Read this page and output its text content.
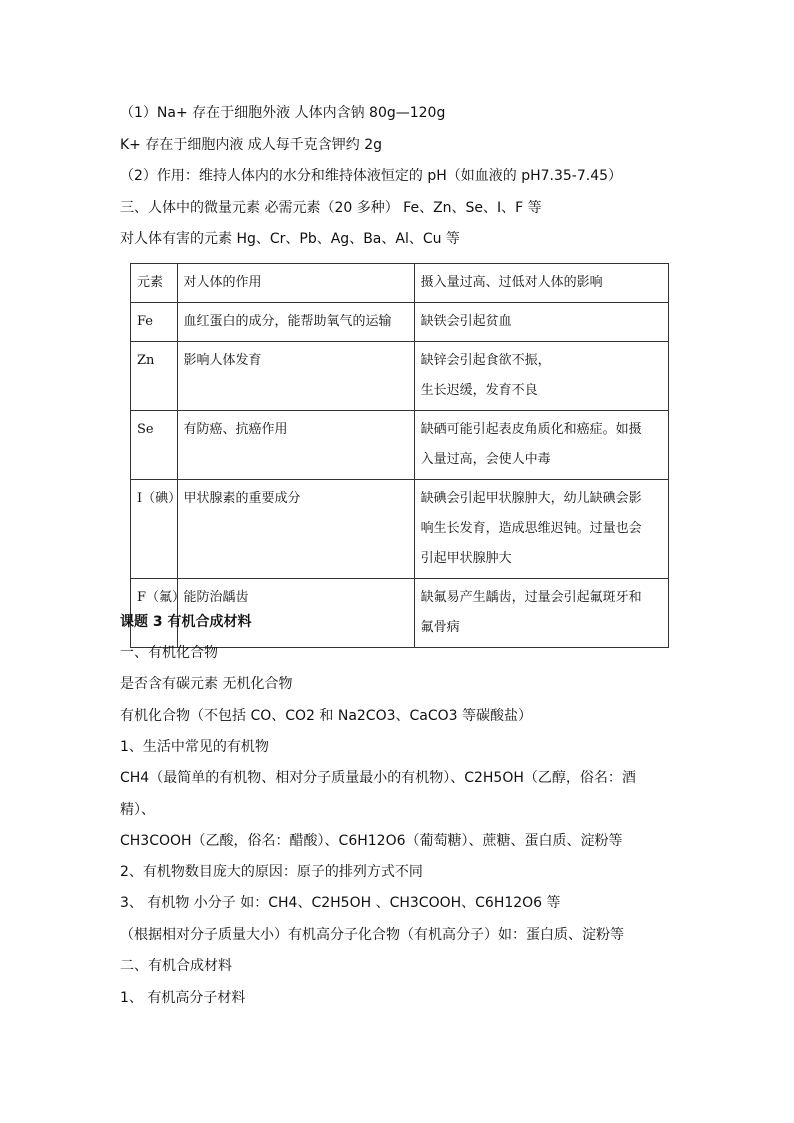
（1）Na+ 存在于细胞外液 人体内含钠 80g—120g
K+ 存在于细胞内液 成人每千克含钾约 2g
（2）作用：维持人体内的水分和维持体液恒定的 pH（如血液的 pH7.35-7.45）
三、人体中的微量元素 必需元素（20 多种） Fe、Zn、Se、I、F 等
对人体有害的元素 Hg、Cr、Pb、Ag、Ba、Al、Cu 等
元素	对人体的作用	摄入量过高、过低对人体的影响
Fe	血红蛋白的成分，能帮助氧气的运输	缺铁会引起贫血
Zn	影响人体发育	缺锌会引起食欲不振，
生长迟缓，发育不良
Se	有防癌、抗癌作用	缺硒可能引起表皮角质化和癌症。如摄
入量过高，会使人中毒
I（碘）	甲状腺素的重要成分	缺碘会引起甲状腺肿大，幼儿缺碘会影
响生长发育，造成思维迟钝。过量也会
引起甲状腺肿大
F（氟）	能防治龋齿	缺氟易产生龋齿，过量会引起氟斑牙和
氟骨病
课题 3 有机合成材料
一、有机化合物
是否含有碳元素 无机化合物
有机化合物（不包括 CO、CO2 和 Na2CO3、CaCO3 等碳酸盐）
1、生活中常见的有机物
CH4（最简单的有机物、相对分子质量最小的有机物）、C2H5OH（乙醇，俗名：酒
精）、
CH3COOH（乙酸，俗名：醋酸）、C6H12O6（葡萄糖）、蔗糖、蛋白质、淀粉等
2、有机物数目庞大的原因：原子的排列方式不同
3、 有机物 小分子 如：CH4、C2H5OH 、CH3COOH、C6H12O6 等
（根据相对分子质量大小）有机高分子化合物（有机高分子）如：蛋白质、淀粉等
二、有机合成材料
1、 有机高分子材料
